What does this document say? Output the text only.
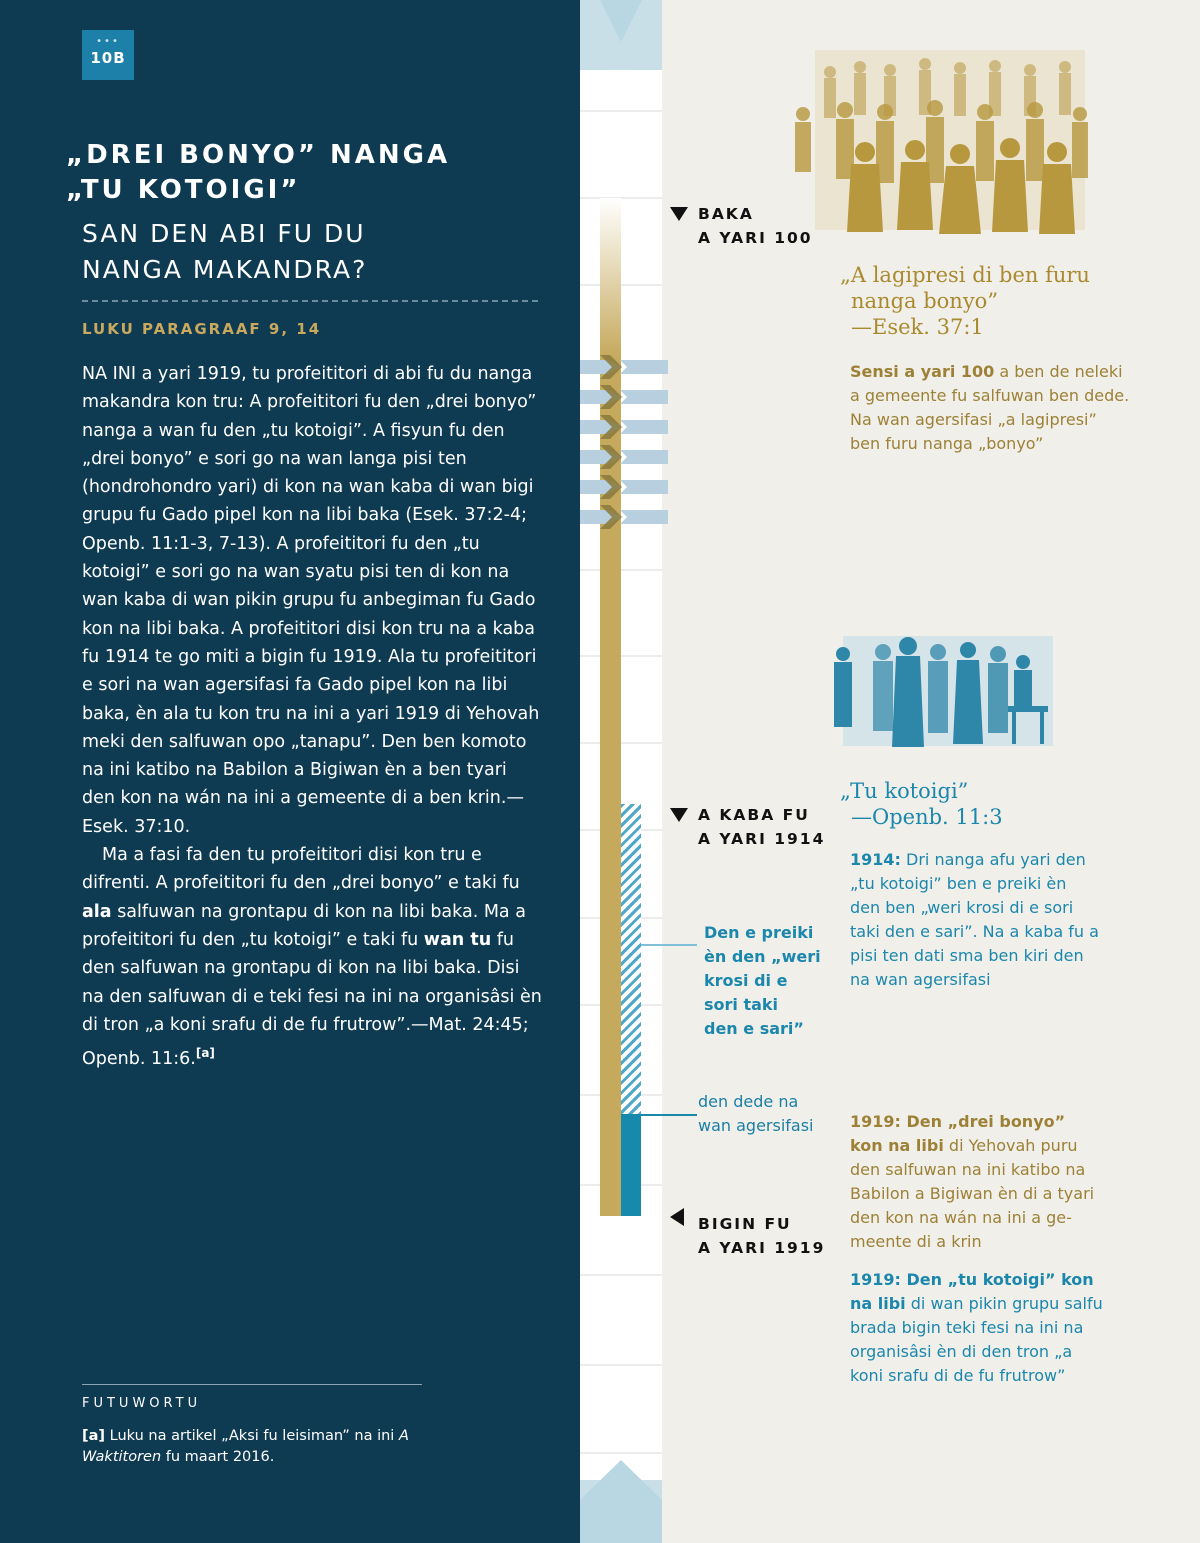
•••
10B
„DREI BONYO” NANGA
„TU KOTOIGI”
SAN DEN ABI FU DU
NANGA MAKANDRA?
LUKU PARAGRAAF 9, 14

NA INI a yari 1919, tu profeititori di abi fu du nanga makandra kon tru: A profeititori fu den „drei bonyo” nanga a wan fu den „tu kotoigi”. A fisyun fu den „drei bonyo” e sori go na wan langa pisi ten (hondrohondro yari) di kon na wan kaba di wan bigi grupu fu Gado pipel kon na libi baka (Esek. 37:2-4; Openb. 11:1-3, 7-13). A profeititori fu den „tu kotoigi” e sori go na wan syatu pisi ten di kon na wan kaba di wan pikin grupu fu anbegiman fu Gado kon na libi baka. A profeititori disi kon tru na a kaba fu 1914 te go miti a bigin fu 1919. Ala tu profeititori e sori na wan agersifasi fa Gado pipel kon na libi baka, èn ala tu kon tru na ini a yari 1919 di Yehovah meki den salfuwan opo „tanapu”. Den ben komoto na ini katibo na Babilon a Bigiwan èn a ben tyari den kon na wán na ini a gemeente di a ben krin.—Esek. 37:10.

Ma a fasi fa den tu profeititori disi kon tru e difrenti. A profeititori fu den „drei bonyo” e taki fu ala salfuwan na grontapu di kon na libi baka. Ma a profeititori fu den „tu kotoigi” e taki fu wan tu fu den salfuwan na grontapu di kon na libi baka. Disi na den salfuwan di e teki fesi na ini na organisâsi èn di tron „a koni srafu di de fu frutrow”.—Mat. 24:45; Openb. 11:6.[a]

FUTUWORTU
[a] Luku na artikel „Aksi fu leisiman” na ini A Waktitoren fu maart 2016.
BAKA
A YARI 100
A KABA FU
A YARI 1914
BIGIN FU
A YARI 1919
Den e preiki
èn den „weri
krosi di e
sori taki
den e sari”
den dede na
wan agersifasi
„A lagipresi di ben furu
nanga bonyo”
—Esek. 37:1
Sensi a yari 100 a ben de neleki a gemeente fu salfuwan ben dede. Na wan agersifasi „a lagipresi” ben furu nanga „bonyo”
„Tu kotoigi”
—Openb. 11:3
1914: Dri nanga afu yari den „tu kotoigi” ben e preiki èn den ben „weri krosi di e sori taki den e sari”. Na a kaba fu a pisi ten dati sma ben kiri den na wan agersifasi
1919: Den „drei bonyo” kon na libi di Yehovah puru den salfuwan na ini katibo na Babilon a Bigiwan èn di a tyari den kon na wán na ini a gemeente di a krin
1919: Den „tu kotoigi” kon na libi di wan pikin grupu salfu brada bigin teki fesi na ini na organisâsi èn di den tron „a koni srafu di de fu frutrow”
